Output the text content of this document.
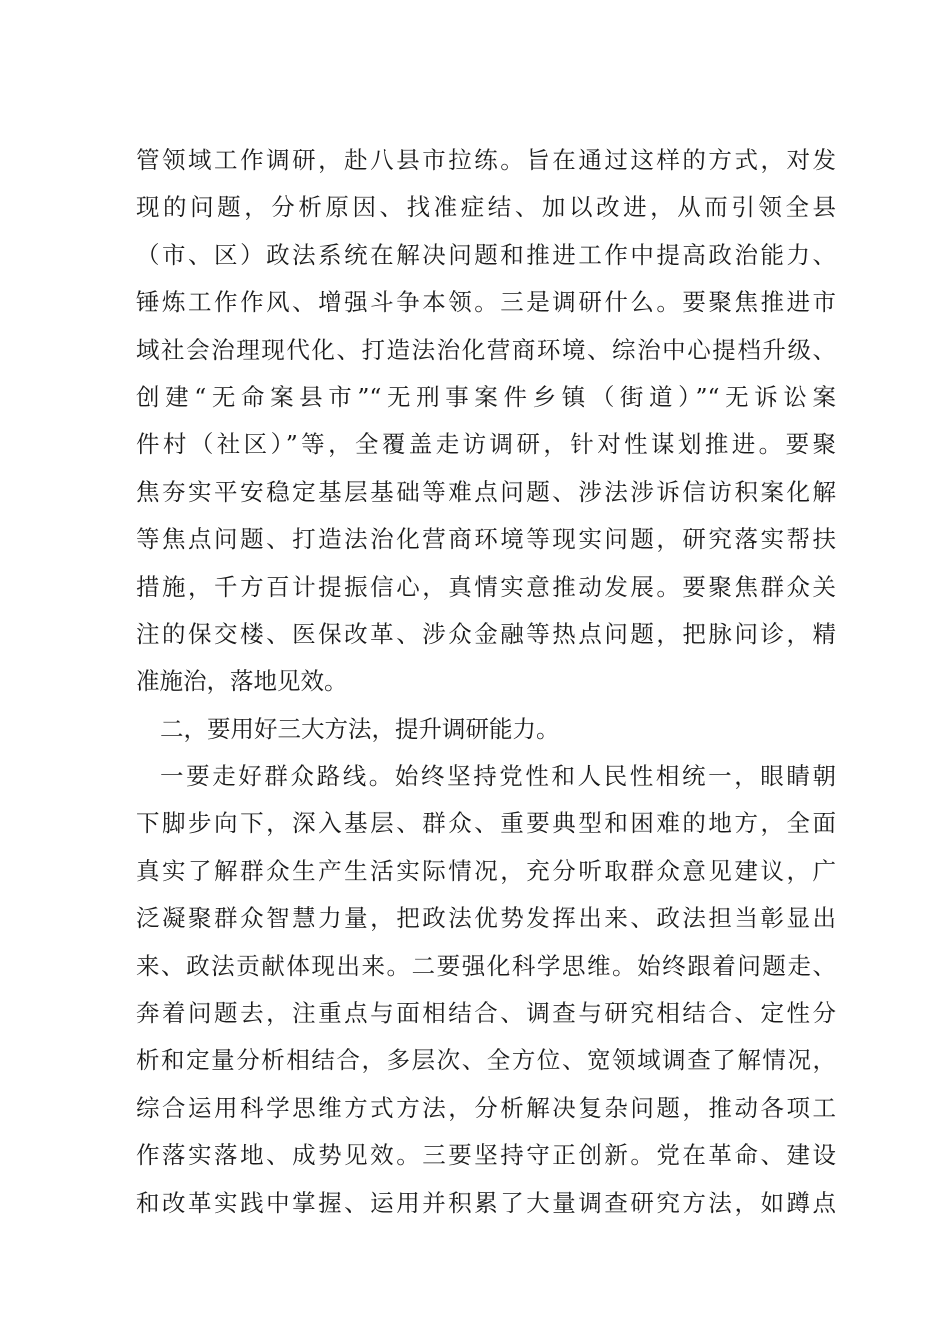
管领域工作调研，赴八县市拉练。旨在通过这样的方式，对发
现的问题，分析原因、找准症结、加以改进，从而引领全县
（市、区）政法系统在解决问题和推进工作中提高政治能力、
锤炼工作作风、增强斗争本领。三是调研什么。要聚焦推进市
域社会治理现代化、打造法治化营商环境、综治中心提档升级、
创建“无命案县市”“无刑事案件乡镇（街道）”“无诉讼案
件村（社区）”等，全覆盖走访调研，针对性谋划推进。要聚
焦夯实平安稳定基层基础等难点问题、涉法涉诉信访积案化解
等焦点问题、打造法治化营商环境等现实问题，研究落实帮扶
措施，千方百计提振信心，真情实意推动发展。要聚焦群众关
注的保交楼、医保改革、涉众金融等热点问题，把脉问诊，精
准施治，落地见效。
二，要用好三大方法，提升调研能力。
一要走好群众路线。始终坚持党性和人民性相统一，眼睛朝
下脚步向下，深入基层、群众、重要典型和困难的地方，全面
真实了解群众生产生活实际情况，充分听取群众意见建议，广
泛凝聚群众智慧力量，把政法优势发挥出来、政法担当彰显出
来、政法贡献体现出来。二要强化科学思维。始终跟着问题走、
奔着问题去，注重点与面相结合、调查与研究相结合、定性分
析和定量分析相结合，多层次、全方位、宽领域调查了解情况，
综合运用科学思维方式方法，分析解决复杂问题，推动各项工
作落实落地、成势见效。三要坚持守正创新。党在革命、建设
和改革实践中掌握、运用并积累了大量调查研究方法，如蹲点
